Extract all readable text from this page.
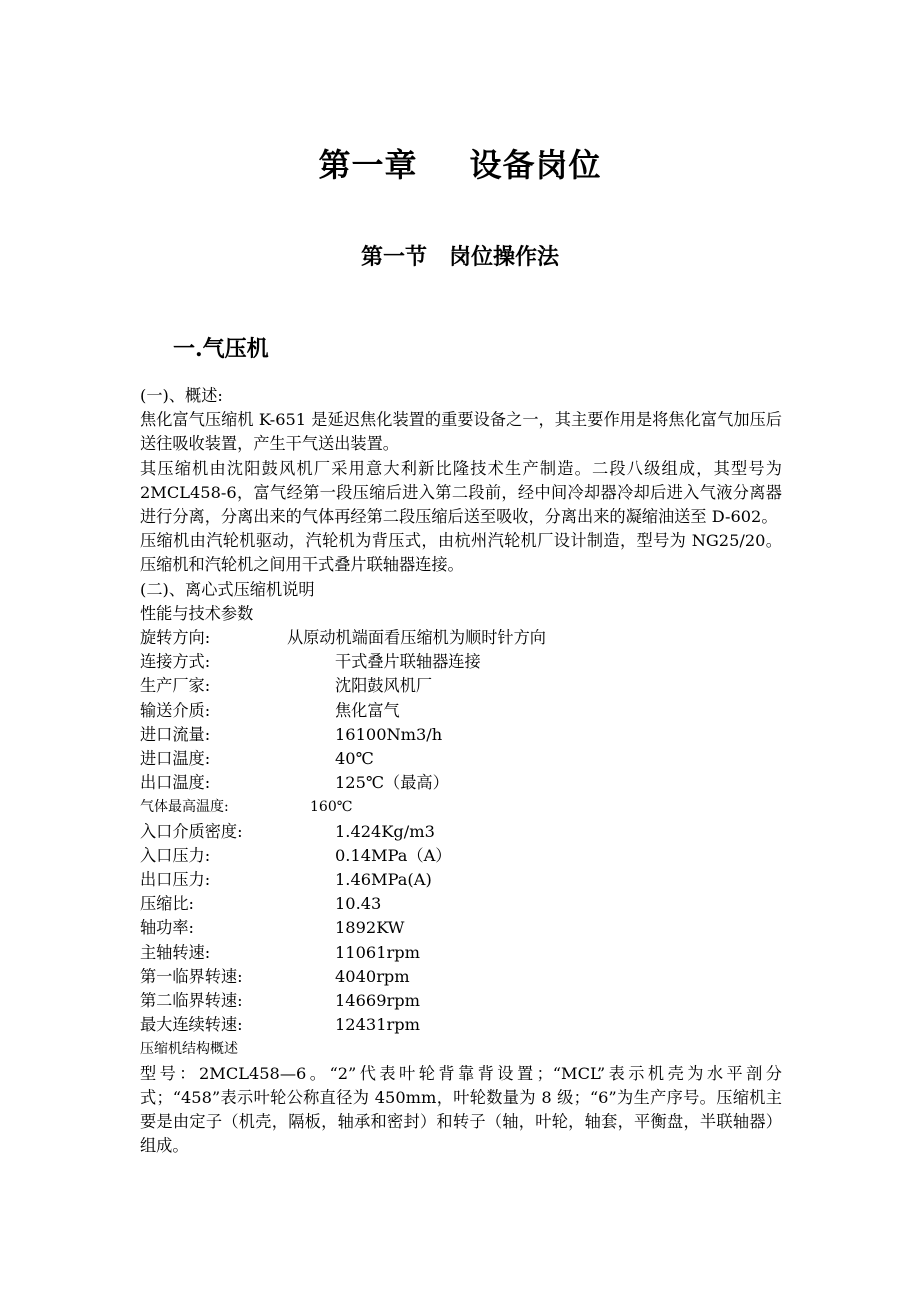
第一章 设备岗位
第一节 岗位操作法
一.气压机

(一)、概述:

焦化富气压缩机 K-651 是延迟焦化装置的重要设备之一，其主要作用是将焦化富气加压后送往吸收装置，产生干气送出装置。

其压缩机由沈阳鼓风机厂采用意大利新比隆技术生产制造。二段八级组成，其型号为 2MCL458-6，富气经第一段压缩后进入第二段前，经中间冷却器冷却后进入气液分离器进行分离，分离出来的气体再经第二段压缩后送至吸收，分离出来的凝缩油送至 D-602。

压缩机由汽轮机驱动，汽轮机为背压式，由杭州汽轮机厂设计制造，型号为 NG25/20。压缩机和汽轮机之间用干式叠片联轴器连接。

(二)、离心式压缩机说明

性能与技术参数

旋转方向:	从原动机端面看压缩机为顺时针方向
连接方式:	干式叠片联轴器连接
生产厂家:	沈阳鼓风机厂
输送介质:	焦化富气
进口流量:	16100Nm3/h
进口温度:	40℃
出口温度:	125℃（最高）
气体最高温度:	160℃
入口介质密度:	1.424Kg/m3
入口压力:	0.14MPa（A）
出口压力:	1.46MPa(A)
压缩比:	10.43
轴功率:	1892KW
主轴转速:	11061rpm
第一临界转速:	4040rpm
第二临界转速:	14669rpm
最大连续转速:	12431rpm

压缩机结构概述

型号：2MCL458—6。“2”代表叶轮背靠背设置；“MCL”表示机壳为水平剖分式；“458”表示叶轮公称直径为 450mm，叶轮数量为 8 级；“6”为生产序号。压缩机主要是由定子（机壳，隔板，轴承和密封）和转子（轴，叶轮，轴套，平衡盘，半联轴器）组成。
